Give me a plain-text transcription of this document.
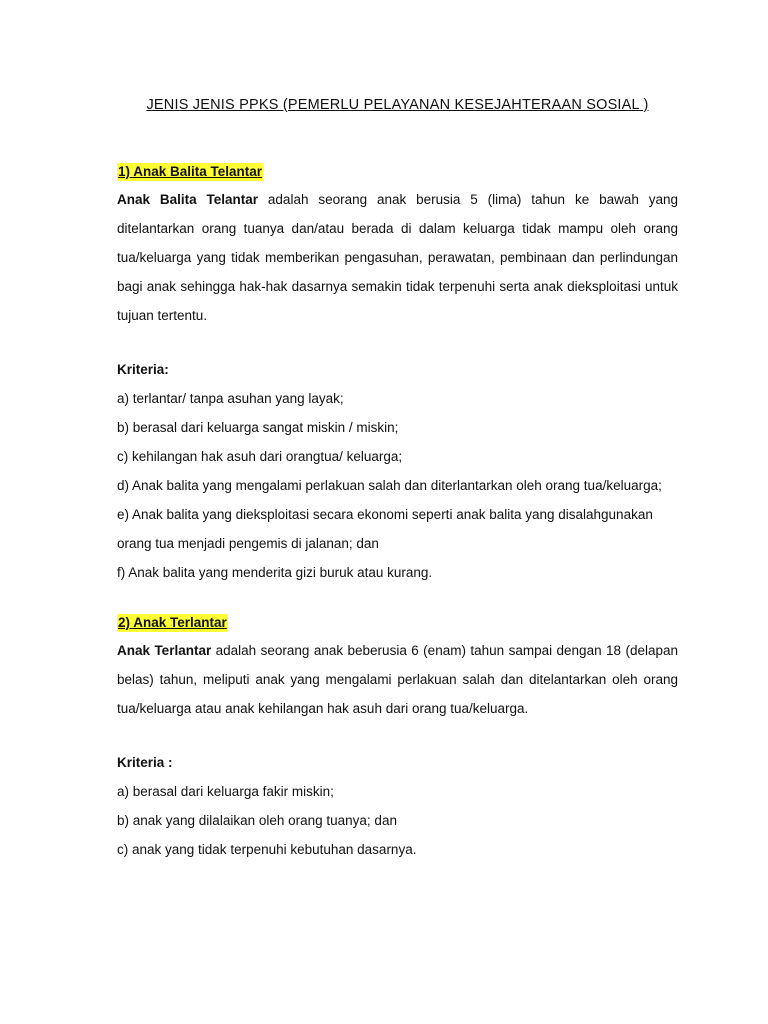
JENIS JENIS PPKS (PEMERLU PELAYANAN KESEJAHTERAAN SOSIAL )
1) Anak Balita Telantar

Anak Balita Telantar adalah seorang anak berusia 5 (lima) tahun ke bawah yang ditelantarkan orang tuanya dan/atau berada di dalam keluarga tidak mampu oleh orang tua/keluarga yang tidak memberikan pengasuhan, perawatan, pembinaan dan perlindungan bagi anak sehingga hak-hak dasarnya semakin tidak terpenuhi serta anak dieksploitasi untuk tujuan tertentu.

Kriteria:

a) terlantar/ tanpa asuhan yang layak;
b) berasal dari keluarga sangat miskin / miskin;
c) kehilangan hak asuh dari orangtua/ keluarga;
d) Anak balita yang mengalami perlakuan salah dan diterlantarkan oleh orang tua/keluarga;
e) Anak balita yang dieksploitasi secara ekonomi seperti anak balita yang disalahgunakan orang tua menjadi pengemis di jalanan; dan
f) Anak balita yang menderita gizi buruk atau kurang.
2) Anak Terlantar

Anak Terlantar adalah seorang anak beberusia 6 (enam) tahun sampai dengan 18 (delapan belas) tahun, meliputi anak yang mengalami perlakuan salah dan ditelantarkan oleh orang tua/keluarga atau anak kehilangan hak asuh dari orang tua/keluarga.

Kriteria :

a) berasal dari keluarga fakir miskin;
b) anak yang dilalaikan oleh orang tuanya; dan
c) anak yang tidak terpenuhi kebutuhan dasarnya.
